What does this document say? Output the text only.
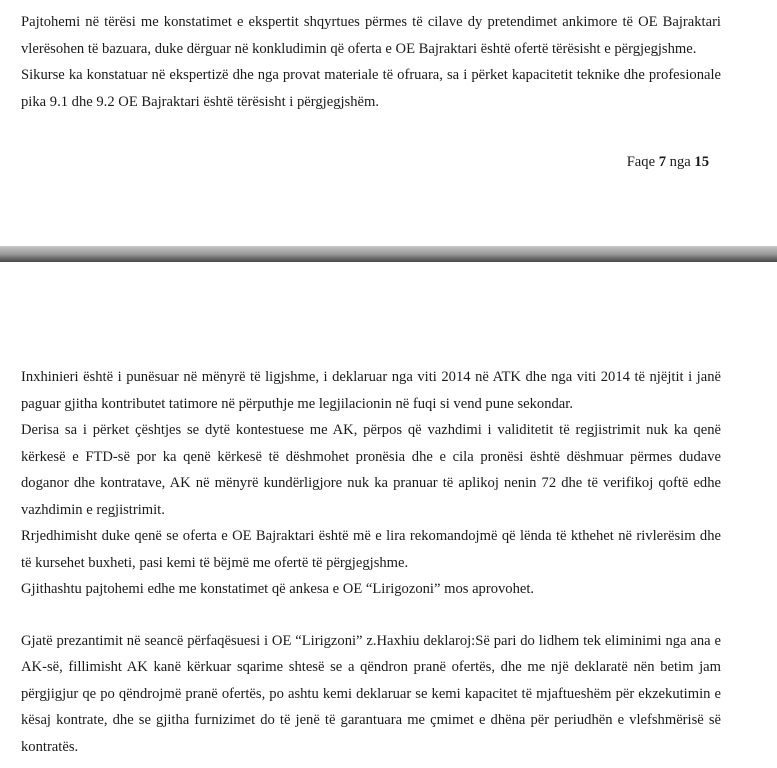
Pajtohemi në tërësi me konstatimet e ekspertit shqyrtues përmes të cilave dy pretendimet ankimore të OE Bajraktari vlerësohen të bazuara, duke dërguar në konkludimin që oferta e OE Bajraktari është ofertë tërësisht e përgjegjshme.

Sikurse ka konstatuar në ekspertizë dhe nga provat materiale të ofruara, sa i përket kapacitetit teknike dhe profesionale pika 9.1 dhe 9.2 OE Bajraktari është tërësisht i përgjegjshëm.

Faqe 7 nga 15

Inxhinieri është i punësuar në mënyrë të ligjshme, i deklaruar nga viti 2014 në ATK dhe nga viti 2014 të njëjtit i janë paguar gjitha kontributet tatimore në përputhje me legjilacionin në fuqi si vend pune sekondar.

Derisa sa i përket çështjes se dytë kontestuese me AK, përpos që vazhdimi i validitetit të regjistrimit nuk ka qenë kërkesë e FTD-së por ka qenë kërkesë të dëshmohet pronësia dhe e cila pronësi është dëshmuar përmes dudave doganor dhe kontratave, AK në mënyrë kundërligjore nuk ka pranuar të aplikoj nenin 72 dhe të verifikoj qoftë edhe vazhdimin e regjistrimit.

Rrjedhimisht duke qenë se oferta e OE Bajraktari është më e lira rekomandojmë që lënda të kthehet në rivlerësim dhe të kursehet buxheti, pasi kemi të bëjmë me ofertë të përgjegjshme.

Gjithashtu pajtohemi edhe me konstatimet që ankesa e OE “Lirigozoni” mos aprovohet.

Gjatë prezantimit në seancë përfaqësuesi i OE “Lirigzoni” z.Haxhiu deklaroj:Së pari do lidhem tek eliminimi nga ana e AK-së, fillimisht AK kanë kërkuar sqarime shtesë se a qëndron pranë ofertës, dhe me një deklaratë nën betim jam përgjigjur qe po qëndrojmë pranë ofertës, po ashtu kemi deklaruar se kemi kapacitet të mjaftueshëm për ekzekutimin e kësaj kontrate, dhe se gjitha furnizimet do të jenë të garantuara me çmimet e dhëna për periudhën e vlefshmërisë së kontratës.
